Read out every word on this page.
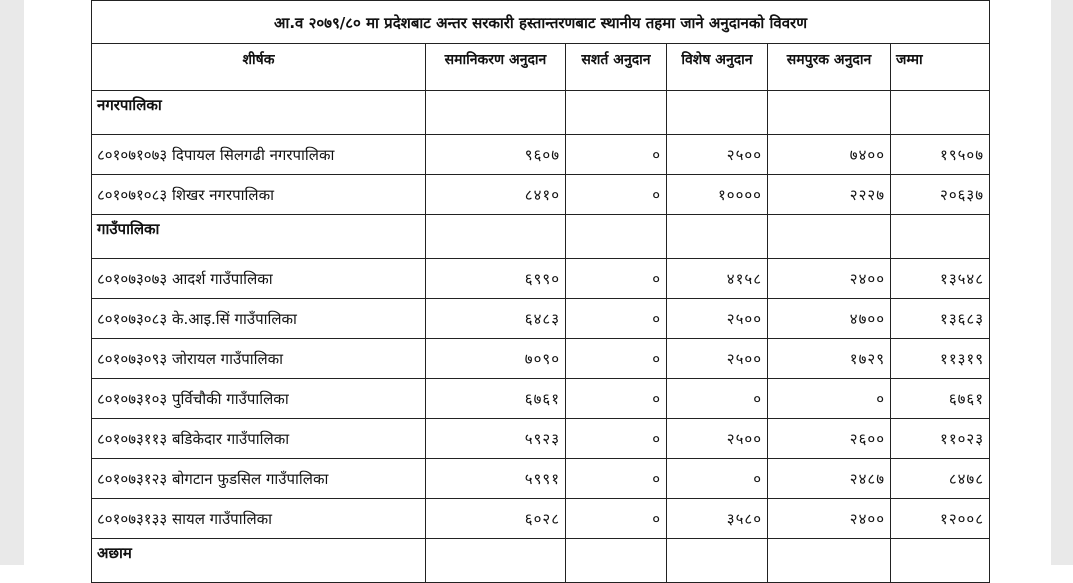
आ.व २०७९/८० मा प्रदेशबाट अन्तर सरकारी हस्तान्तरणबाट स्थानीय तहमा जाने अनुदानको विवरण					
शीर्षक	समानिकरण अनुदान	सशर्त अनुदान	विशेष अनुदान	समपुरक अनुदान	जम्मा
नगरपालिका					
८०१०७१०७३ दिपायल सिलगढी नगरपालिका	९६०७	०	२५००	७४००	१९५०७
८०१०७१०८३ शिखर नगरपालिका	८४१०	०	१००००	२२२७	२०६३७
गाउँपालिका					
८०१०७३०७३ आदर्श गाउँपालिका	६९९०	०	४१५८	२४००	१३५४८
८०१०७३०८३ के.आइ.सिं गाउँपालिका	६४८३	०	२५००	४७००	१३६८३
८०१०७३०९३ जोरायल गाउँपालिका	७०९०	०	२५००	१७२९	११३१९
८०१०७३१०३ पुर्विचौकी गाउँपालिका	६७६१	०	०	०	६७६१
८०१०७३११३ बडिकेदार गाउँपालिका	५९२३	०	२५००	२६००	११०२३
८०१०७३१२३ बोगटान फुडसिल गाउँपालिका	५९९१	०	०	२४८७	८४७८
८०१०७३१३३ सायल गाउँपालिका	६०२८	०	३५८०	२४००	१२००८
अछाम					
